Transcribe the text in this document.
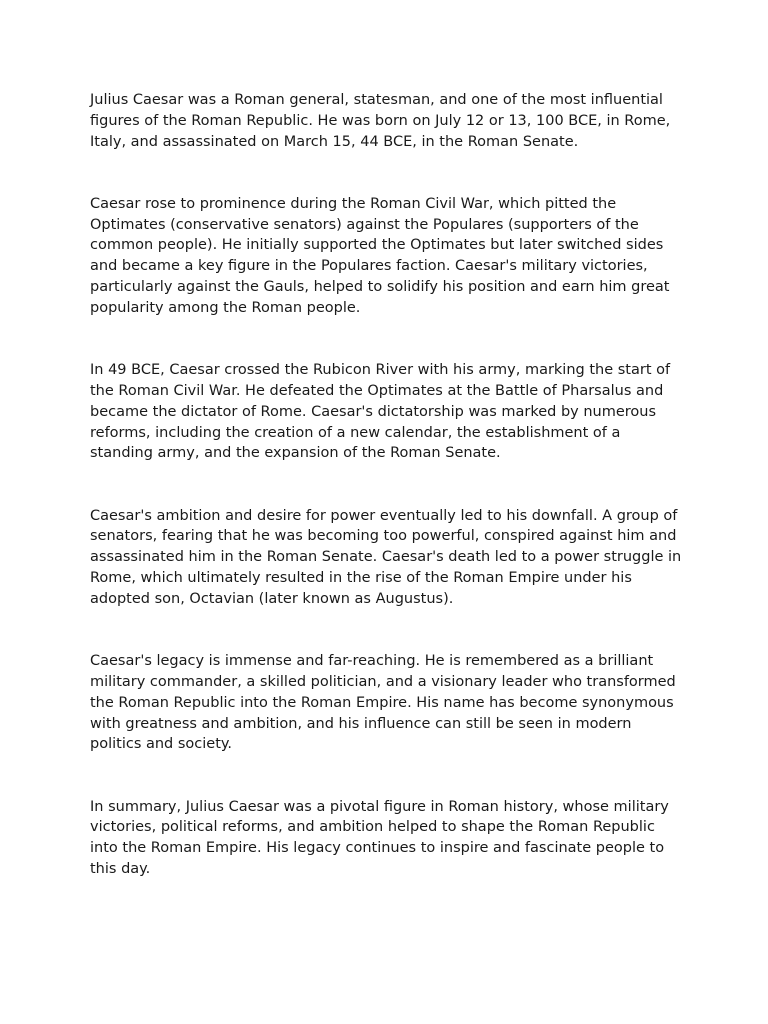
Julius Caesar was a Roman general, statesman, and one of the most influential figures of the Roman Republic. He was born on July 12 or 13, 100 BCE, in Rome, Italy, and assassinated on March 15, 44 BCE, in the Roman Senate.

Caesar rose to prominence during the Roman Civil War, which pitted the Optimates (conservative senators) against the Populares (supporters of the common people). He initially supported the Optimates but later switched sides and became a key figure in the Populares faction. Caesar's military victories, particularly against the Gauls, helped to solidify his position and earn him great popularity among the Roman people.

In 49 BCE, Caesar crossed the Rubicon River with his army, marking the start of the Roman Civil War. He defeated the Optimates at the Battle of Pharsalus and became the dictator of Rome. Caesar's dictatorship was marked by numerous reforms, including the creation of a new calendar, the establishment of a standing army, and the expansion of the Roman Senate.

Caesar's ambition and desire for power eventually led to his downfall. A group of senators, fearing that he was becoming too powerful, conspired against him and assassinated him in the Roman Senate. Caesar's death led to a power struggle in Rome, which ultimately resulted in the rise of the Roman Empire under his adopted son, Octavian (later known as Augustus).

Caesar's legacy is immense and far-reaching. He is remembered as a brilliant military commander, a skilled politician, and a visionary leader who transformed the Roman Republic into the Roman Empire. His name has become synonymous with greatness and ambition, and his influence can still be seen in modern politics and society.

In summary, Julius Caesar was a pivotal figure in Roman history, whose military victories, political reforms, and ambition helped to shape the Roman Republic into the Roman Empire. His legacy continues to inspire and fascinate people to this day.
